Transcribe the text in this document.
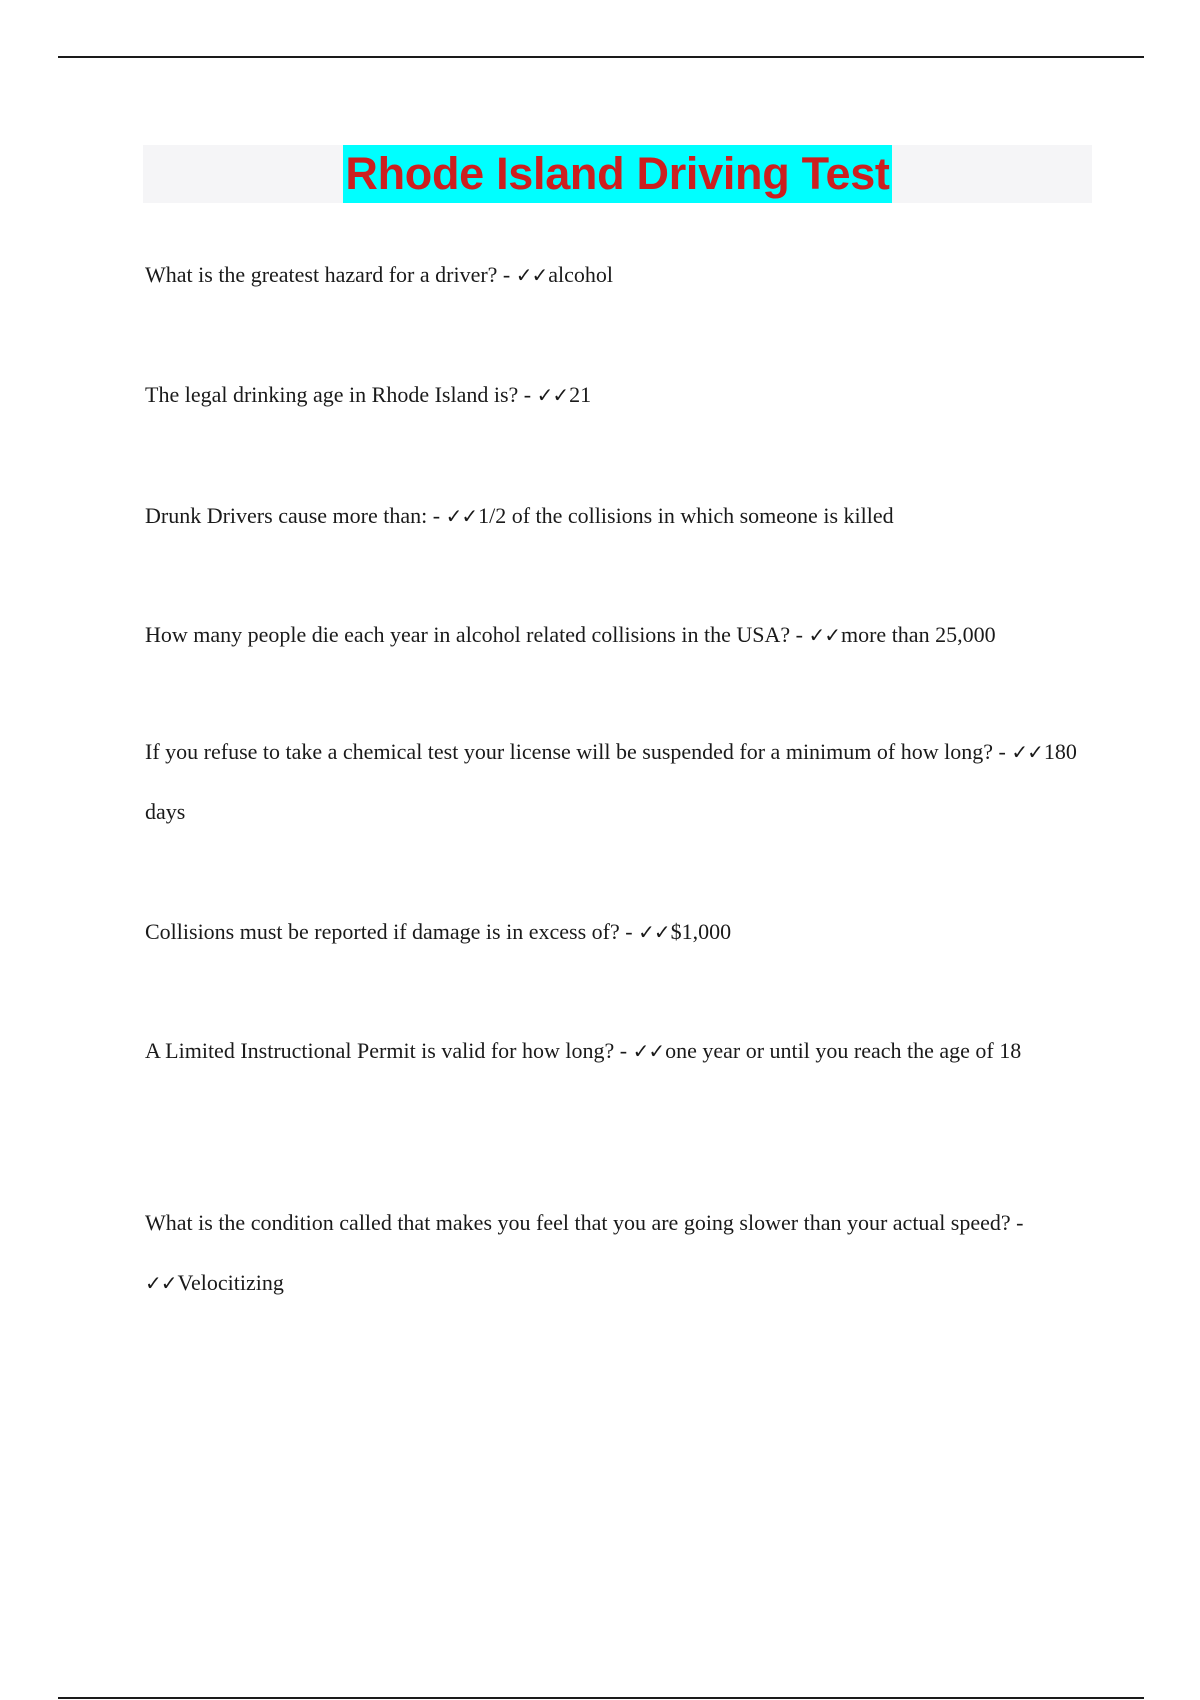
Rhode Island Driving Test

What is the greatest hazard for a driver? - ✓✓alcohol

The legal drinking age in Rhode Island is? - ✓✓21

Drunk Drivers cause more than: - ✓✓1/2 of the collisions in which someone is killed

How many people die each year in alcohol related collisions in the USA? - ✓✓more than 25,000

If you refuse to take a chemical test your license will be suspended for a minimum of how long? - ✓✓180 days

Collisions must be reported if damage is in excess of? - ✓✓$1,000

A Limited Instructional Permit is valid for how long? - ✓✓one year or until you reach the age of 18

What is the condition called that makes you feel that you are going slower than your actual speed? - ✓✓Velocitizing
